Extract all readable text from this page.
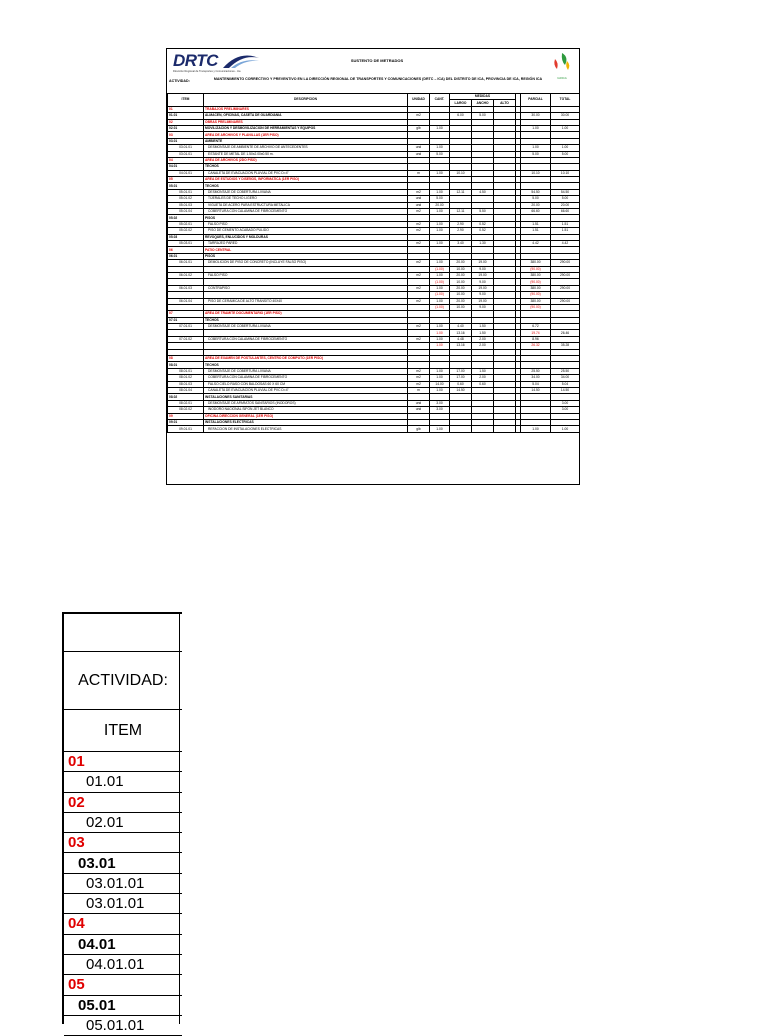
DRTC
Dirección Regional de Transportes y Comunicaciones - Ica
SUSTENTO DE METRADOS
GRICA
ACTIVIDAD:	MANTENIMIENTO CORRECTIVO Y PREVENTIVO EN LA DIRECCIÓN REGIONAL DE TRANSPORTES Y COMUNICACIONES (DRTC – ICA) DEL DISTRITO DE ICA, PROVINCIA DE ICA, REGIÓN ICA
ITEM	DESCRIPCION	UNIDAD	CANT.	MEDIDAS				PARCIAL	TOTAL
				LARGO	ANCHO	ALTO			
01	TRABAJOS PRELIMINARES								
01.01	ALMACEN, OFICINAS, CASETA DE GUARDIANIA	m2		6.00	5.00			30.00	30.00
02	OBRAS PRELIMINARES								
02.01	MOVILIZACION Y DESMOVILIZACION DE HERRAMIENTAS Y EQUIPOS	glb	1.00					1.00	1.00
03	AREA DE ARCHIVOS Y PLANILLAS (1ER PISO)								
03.01	AMBIENTE								
03.01.01	DESMONTAJE DE AMBIENTE DE ARCHIVO DE ANTECEDENTES	und	1.00					1.00	1.00
03.01.01	ESTANTE DE METAL DE 1.50x2.00x0.50 m.	und	5.00					5.00	5.00
04	AREA DE ARCHIVOS (2DO PISO)								
04.01	TECHOS								
04.01.01	CANALETA DE EVACUACION PLUVIAL DE PVC D=4"	m	1.00	10.10				10.10	10.10
05	AREA DE ESTUDIOS Y DISEÑOS, INFORMATICA (1ER PISO)								
05.01	TECHOS								
05.01.01	DESMONTAJE DE COBERTURA LIVIANA	m2	1.00	12.11	4.50			54.50	54.50
05.01.02	TIJERALES DE TECHO LIGERO	und	5.00					5.00	5.00
05.01.03	VIGUETA DE ACERO PARA ESTRUCTURA METALICA	und	20.00					20.00	20.00
05.01.04	COBERTURA CON CALAMINA DE FIBROCEMENTO	m2	1.00	12.11	5.50			66.60	66.60
05.02	PISOS								
05.02.01	FALSO PISO	m2	1.00	2.90	0.52			1.51	1.51
05.02.02	PISO DE CEMENTO ACABADO PULIDO	m2	1.00	2.90	0.52			1.51	1.51
05.03	REVOQUES, ENLUCIDOS Y MOLDURAS								
05.03.01	TARRAJEO PARED	m2	1.00	3.40	1.30			4.42	4.42
06	PATIO CENTRAL								
06.01	PISOS								
06.01.01	DEMOLICION DE PISO DE CONCRETO (INCLUYE FALSO PISO)	m2	1.00	20.00	19.00			380.00	290.00
			(1.00)	10.00	9.00			(90.00)	
06.01.02	FALSO PISO	m2	1.00	20.00	19.00			380.00	290.00
			(1.00)	10.00	9.00			(90.00)	
06.01.03	CONTRAPISO	m2	1.00	20.00	19.00			380.00	290.00
			(1.00)	10.00	9.00			(90.00)	
06.01.04	PISO DE CERAMICA DE ALTO TRANSITO 40X40	m2	1.00	20.00	19.00			380.00	290.00
			(1.00)	10.00	9.00			(90.00)	
07	AREA DE TRAMITE DOCUMENTARIO (1ER PISO)								
07.01	TECHOS								
07.01.01	DESMONTAJE DE COBERTURA LIVIANA	m2	1.00	4.40	1.50			6.72	
			1.00	13.16	1.50			19.74	26.46
07.01.02	COBERTURA CON CALAMINA DE FIBROCEMENTO	m2	1.00	4.48	2.00			8.96	
			1.00	13.16	2.00			26.32	35.28

08	AREA DE EXAMEN DE POSTULANTES, CENTRO DE COMPUTO (1ER PISO)								
08.01	TECHOS								
08.01.01	DESMONTAJE DE COBERTURA LIVIANA	m2	1.00	17.00	1.50			25.50	25.50
08.01.02	COBERTURA CON CALAMINA DE FIBROCEMENTO	m2	1.00	17.00	2.00			34.00	34.00
08.01.03	FALSO CIELO RASO CON BALDOSAS 60 X 60 CM	m2	14.00	0.60	0.60			5.04	5.04
08.01.04	CANALETA DE EVACUACION PLUVIAL DE PVC D=4"	m	1.00	14.50				14.50	14.50
08.02	INSTALACIONES SANITARIAS								
08.02.01	DESMONTAJE DE APARATOS SANITARIOS (INODOROS)	und	3.00						3.00
08.02.02	INODORO NACIONAL SIFON JET BLANCO	und	3.00						3.00
09	OFICINA DIRECCION GENERAL (1ER PISO)								
09.01	INSTALACIONES ELECTRICAS								
09.01.01	REFACCION DE INSTALACIONES ELECTRICAS	glb	1.00					1.00	1.00
ACTIVIDAD:
ITEM
01
01.01
02
02.01
03
03.01
03.01.01
03.01.01
04
04.01
04.01.01
05
05.01
05.01.01
